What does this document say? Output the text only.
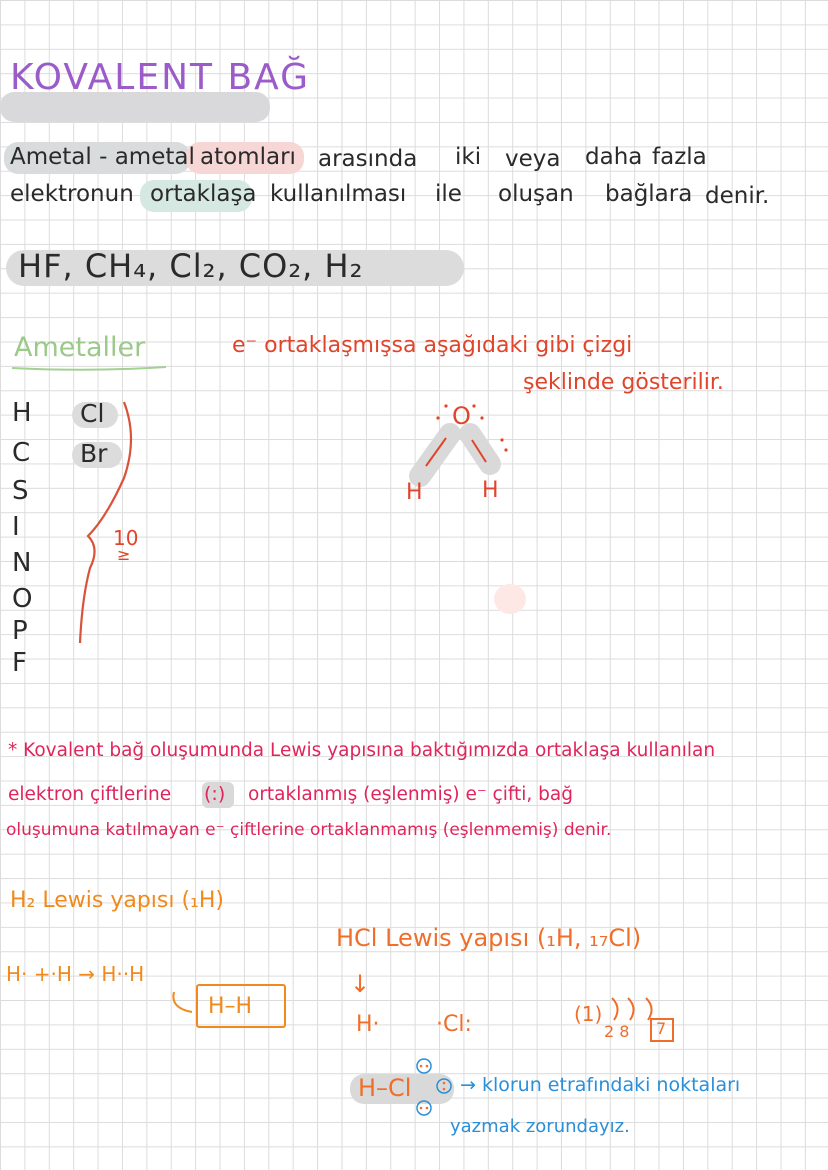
KOVALENT BAĞ
Ametal - ametal atomları arasında iki veya daha fazla
elektronun ortaklaşa kullanılması ile oluşan bağlara denir.
HF, CH₄, Cl₂, CO₂, H₂
Ametaller	e⁻ ortaklaşmışsa aşağıdaki gibi çizgi
şeklinde gösterilir.
H
C
S
I
N
O
P
F
Cl
Br
10
≥
O
H	H
* Kovalent bağ oluşumunda Lewis yapısına baktığımızda ortaklaşa kullanılan
elektron çiftlerine (:) ortaklanmış (eşlenmiş) e⁻ çifti, bağ
oluşumuna katılmayan e⁻ çiftlerine ortaklanmamış (eşlenmemiş) denir.
H₂ Lewis yapısı (₁H)
H· +·H → H··H
H–H
HCl Lewis yapısı (₁H, ₁₇Cl)
↓
H·	·Cl:	(1)
2 8 7
H–Cl	→ klorun etrafındaki noktaları
yazmak zorundayız.
